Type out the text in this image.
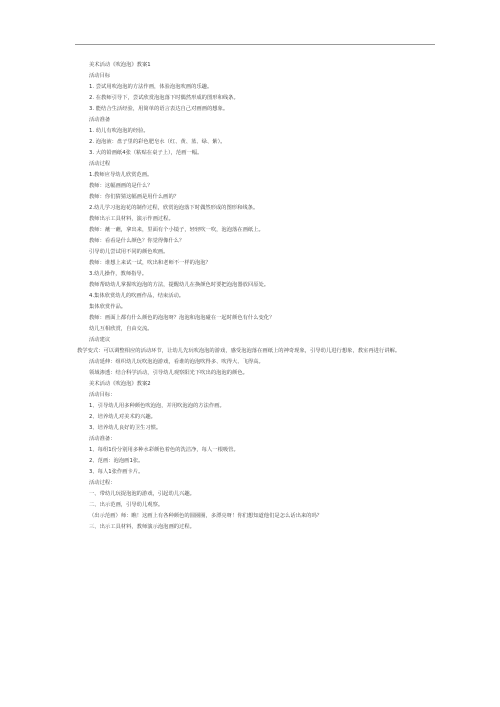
美术活动《吹泡泡》教案1
活动目标
1. 尝试用吹泡泡的方法作画，体验泡泡吹画的乐趣。
2. 在教师引导下，尝试欣赏泡泡落下时偶然形成的图形和线条。
3. 能结合生活经验，用简单的语言表达自己对画画的想象。
活动准备
1. 幼儿有吹泡泡的经验。
2. 泡泡液：盘子里的彩色肥皂水（红、黄、蓝、绿、紫）。
3. 大的铅画纸4张（粘贴在桌子上），范画一幅。
活动过程
1.教师应导幼儿欣赏范画。
教师：这幅画画的是什么？
教师：你们猜猜这幅画是用什么画的？
2.幼儿学习泡泡花的制作过程，欣赏泡泡落下时偶然形成的图形和线条。
教师出示工具材料，演示作画过程。
教师：蘸一蘸，拿出来，里面有个小镜子，轻轻吹一吹，泡泡落在画纸上。
教师：看看是什么颜色？你觉得像什么？
引导幼儿尝试用不同的颜色吹画。
教师：谁想上来试一试，吹出和老师不一样的泡泡？
3.幼儿操作，教师指导。
教师帮助幼儿掌握吹泡泡的方法，提醒幼儿在换颜色时要把泡泡器放回原处。
4.集体欣赏幼儿的吹画作品，结束活动。
集体欣赏作品。
教师：画面上都有什么颜色的泡泡呀？泡泡和泡泡碰在一起时颜色有什么变化？
幼儿互相欣赏，自由交流。
活动建议
教学变式：可以调整相应的活动环节，让幼儿先玩吹泡泡的游戏，感受泡泡落在画纸上的神奇现象，引导幼儿进行想象，教室再进行讲解。
活动延伸：组织幼儿玩吹泡泡游戏，看谁的泡泡吹得多、吹得大、飞得高。
领域渗透：结合科学活动，引导幼儿观察阳光下吹出的泡泡的颜色。
美术活动《吹泡泡》教案2
活动目标：
1、引导幼儿用多种颜色吹泡泡，并用吹泡泡的方法作画。
2、培养幼儿对美术的兴趣。
3、培养幼儿良好的卫生习惯。
活动准备：
1、每组1份分别用多种水彩颜色着色的洗洁净，每人一根吸管。
2、范画：泡泡画1张。
3、每人1张作画卡片。
活动过程：
一、带幼儿玩捉泡泡的游戏，引起幼儿兴趣。
二、出示范画，引导幼儿观察。
（出示范画）师：瞧！这画上有各种颜色的圆圈圈，多漂亮呀！你们想知道他们是怎么话出来的吗？
三、出示工具材料，教师演示泡泡画的过程。
